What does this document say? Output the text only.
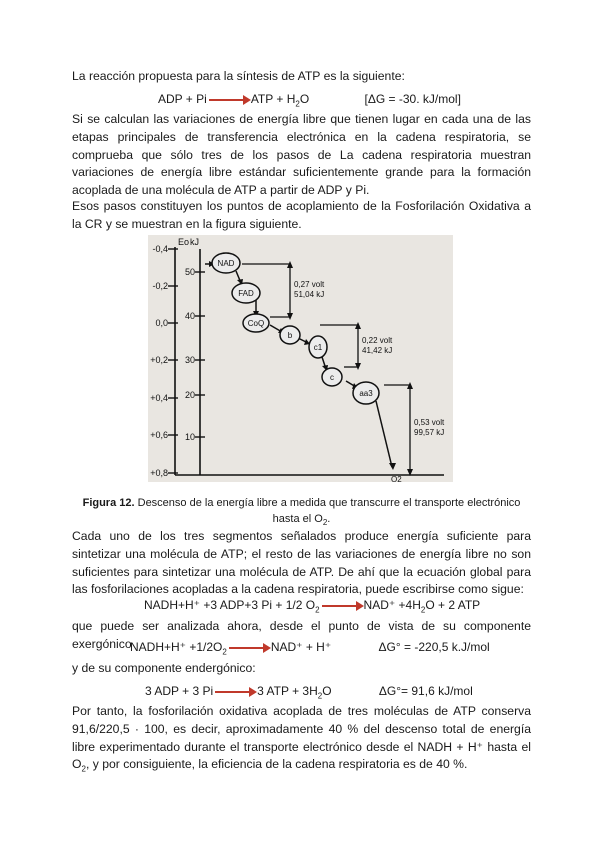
La reacción propuesta para la síntesis de ATP es la siguiente:
ADP + Pi → ATP + $H_2O$	[ΔG = -30. kJ/mol]
Si se calculan las variaciones de energía libre que tienen lugar en cada una de las etapas principales de transferencia electrónica en la cadena respiratoria, se comprueba que sólo tres de los pasos de La cadena respiratoria muestran variaciones de energía libre estándar suficientemente grande para la formación acoplada de una molécula de ATP a partir de ADP y Pi.
Esos pasos constituyen los puntos de acoplamiento de la Fosforilación Oxidativa a la CR y se muestran en la figura siguiente.
-0,4
-0,2
0,0
+0,2
+0,4
+0,6
+0,8
50
40
30
20
10
Eo kJ
NAD
FAD
CoQ
b
c1
c
aa3
0,27 volt
51,04 kJ
0,22 volt
41,42 kJ
0,53 volt
99,57 kJ
O2
Figura 12. Descenso de la energía libre a medida que transcurre el transporte electrónico hasta el $O_2$.
Cada uno de los tres segmentos señalados produce energía suficiente para sintetizar una molécula de ATP; el resto de las variaciones de energía libre no son suficientes para sintetizar una molécula de ATP. De ahí que la ecuación global para las fosforilaciones acopladas a la cadena respiratoria, puede escribirse como sigue:
NADH+H⁺ +3 ADP+3 Pi + 1/2 $O_2 \to NAD^+ +4H_2O + 2$ ATP
que puede ser analizada ahora, desde el punto de vista de su componente exergónico
NADH+H⁺ $+1/2O_2 \to NAD^+ + H^+$	ΔG° = -220,5 k.J/mol
y de su componente endergónico:
3 ADP + 3 Pi → 3 ATP + $3H_2O$	ΔG°= 91,6 kJ/mol
Por tanto, la fosforilación oxidativa acoplada de tres moléculas de ATP conserva 91,6/220,5 · 100, es decir, aproximadamente 40 % del descenso total de energía libre experimentado durante el transporte electrónico desde el NADH + H⁺ hasta el $O_2$, y por consiguiente, la eficiencia de la cadena respiratoria es de 40 %.
